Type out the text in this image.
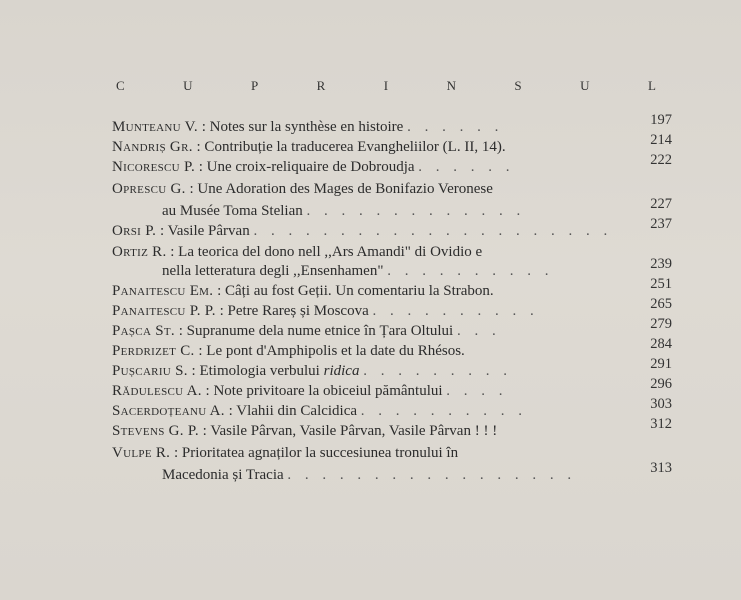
C	U	P	R	I	N	S	U	L
Munteanu V. : Notes sur la synthèse en histoire . . . . . .	197
Nandriș Gr. : Contribuție la traducerea Evangheliilor (L. II, 14).	214
Nicorescu P. : Une croix-reliquaire de Dobroudja . . . . . .	222
Oprescu G. : Une Adoration des Mages de Bonifazio Veronese
au Musée Toma Stelian . . . . . . . . . . . . .	227
Orsi P. : Vasile Pârvan . . . . . . . . . . . . . . . . . . . . .	237
Ortiz R. : La teorica del dono nell ,,Ars Amandi" di Ovidio e
nella letteratura degli ,,Ensenhamen" . . . . . . . . . .	239
Panaitescu Em. : Câți au fost Geții. Un comentariu la Strabon.	251
Panaitescu P. P. : Petre Rareș și Moscova . . . . . . . . . .	265
Pașca St. : Supranume dela nume etnice în Țara Oltului . . .	279
Perdrizet C. : Le pont d'Amphipolis et la date du Rhésos.	284
Pușcariu S. : Etimologia verbului ridica . . . . . . . . .	291
Rădulescu A. : Note privitoare la obiceiul pământului . . . .	296
Sacerdoțeanu A. : Vlahii din Calcidica . . . . . . . . . .	303
Stevens G. P. : Vasile Pârvan, Vasile Pârvan, Vasile Pârvan ! ! !	312
Vulpe R. : Prioritatea agnaților la succesiunea tronului în
Macedonia și Tracia . . . . . . . . . . . . . . . . .	313
